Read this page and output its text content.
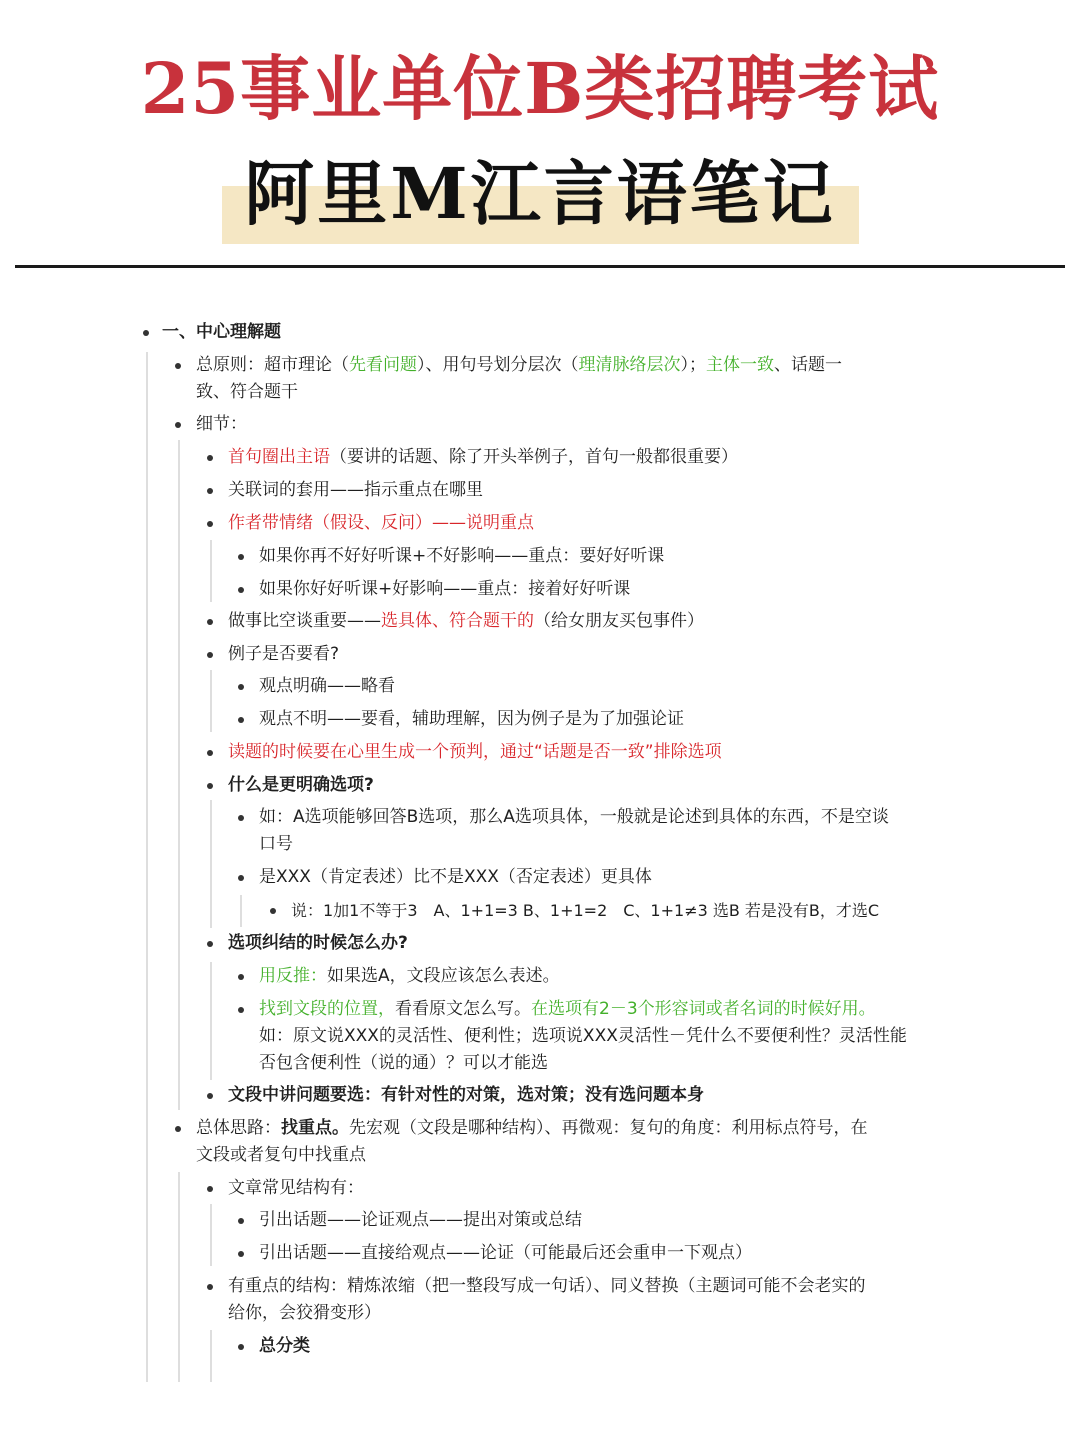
25事业单位B类招聘考试
阿里M江言语笔记
一、中心理解题
总原则：超市理论（先看问题）、用句号划分层次（理清脉络层次）；主体一致、话题一
致、符合题干
细节：
首句圈出主语（要讲的话题、除了开头举例子，首句一般都很重要）
关联词的套用——指示重点在哪里
作者带情绪（假设、反问）——说明重点
如果你再不好好听课+不好影响——重点：要好好听课
如果你好好听课+好影响——重点：接着好好听课
做事比空谈重要——选具体、符合题干的（给女朋友买包事件）
例子是否要看?
观点明确——略看
观点不明——要看，辅助理解，因为例子是为了加强论证
读题的时候要在心里生成一个预判，通过“话题是否一致”排除选项
什么是更明确选项?
如：A选项能够回答B选项，那么A选项具体，一般就是论述到具体的东西，不是空谈
口号
是XXX（肯定表述）比不是XXX（否定表述）更具体
说：1加1不等于3　A、1+1=3 B、1+1=2　C、1+1≠3 选B 若是没有B，才选C
选项纠结的时候怎么办?
用反推：如果选A，文段应该怎么表述。
找到文段的位置，看看原文怎么写。在选项有2－3个形容词或者名词的时候好用。
如：原文说XXX的灵活性、便利性；选项说XXX灵活性－凭什么不要便利性？灵活性能
否包含便利性（说的通）？可以才能选
文段中讲问题要选：有针对性的对策，选对策；没有选问题本身
总体思路：找重点。先宏观（文段是哪种结构）、再微观：复句的角度：利用标点符号，在
文段或者复句中找重点
文章常见结构有：
引出话题——论证观点——提出对策或总结
引出话题——直接给观点——论证（可能最后还会重申一下观点）
有重点的结构：精炼浓缩（把一整段写成一句话）、同义替换（主题词可能不会老实的
给你，会狡猾变形）
总分类
